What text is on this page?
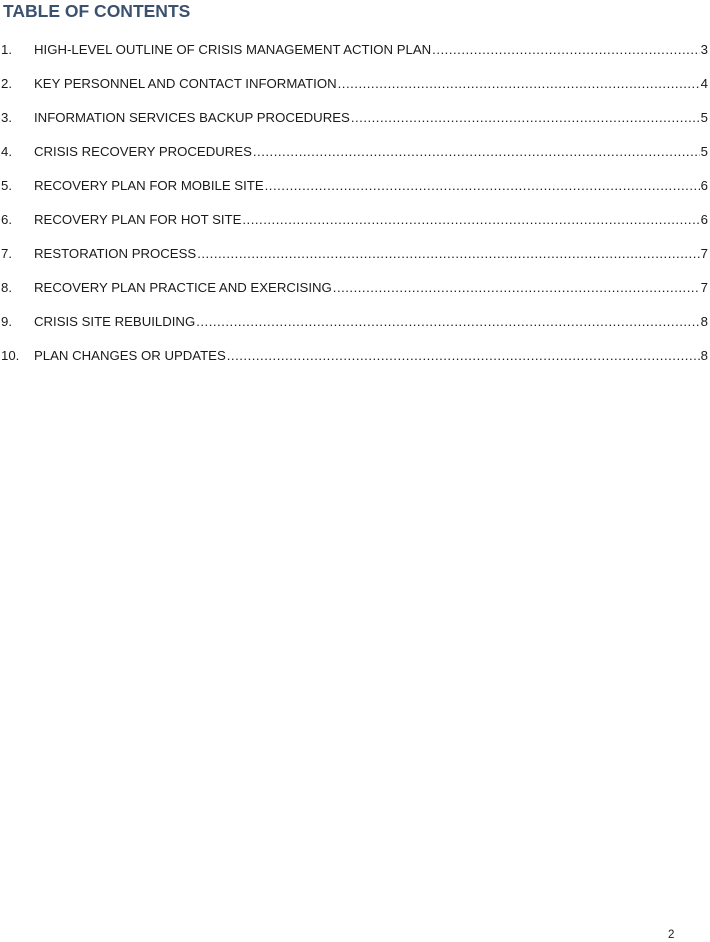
TABLE OF CONTENTS
1.	HIGH-LEVEL OUTLINE OF CRISIS MANAGEMENT ACTION PLAN .....	3
2.	KEY PERSONNEL AND CONTACT INFORMATION .....	4
3.	INFORMATION SERVICES BACKUP PROCEDURES .....	5
4.	CRISIS RECOVERY PROCEDURES .....	5
5.	RECOVERY PLAN FOR MOBILE SITE .....	6
6.	RECOVERY PLAN FOR HOT SITE .....	6
7.	RESTORATION PROCESS .....	7
8.	RECOVERY PLAN PRACTICE AND EXERCISING .....	7
9.	CRISIS SITE REBUILDING .....	8
10.	PLAN CHANGES OR UPDATES .....	8
2
